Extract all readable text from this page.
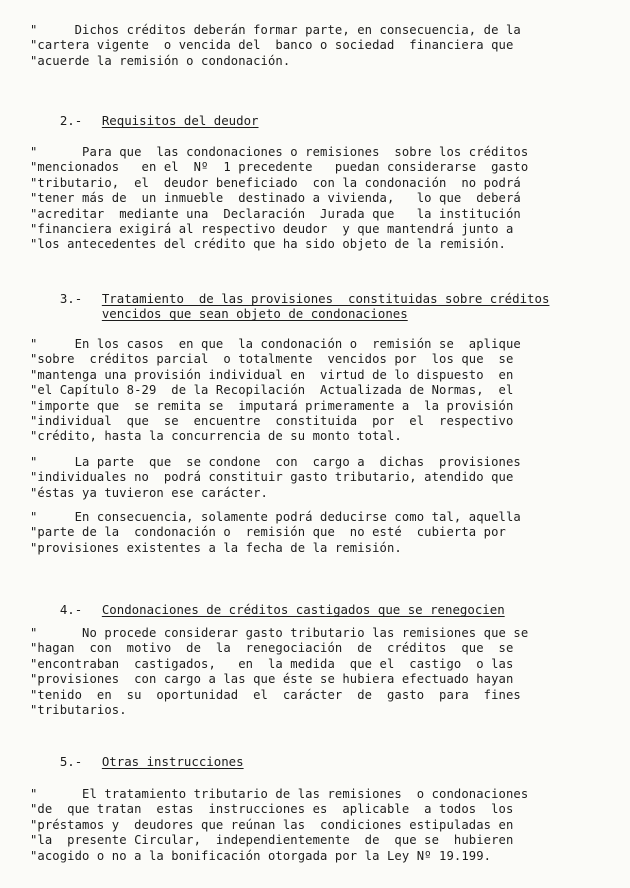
"     Dichos créditos deberán formar parte, en consecuencia, de la
"cartera vigente  o vencida del  banco o sociedad  financiera que
"acuerde la remisión o condonación.

2.- Requisitos del deudor

"      Para que  las condonaciones o remisiones  sobre los créditos
"mencionados   en el  Nº  1 precedente   puedan considerarse  gasto
"tributario,  el  deudor beneficiado  con la condonación  no podrá
"tener más de  un inmueble  destinado a vivienda,   lo que  deberá
"acreditar  mediante una  Declaración  Jurada que   la institución
"financiera exigirá al respectivo deudor  y que mantendrá junto a
"los antecedentes del crédito que ha sido objeto de la remisión.

3.- Tratamiento  de las provisiones  constituidas sobre créditos

vencidos que sean objeto de condonaciones

"     En los casos  en que  la condonación o  remisión se  aplique
"sobre  créditos parcial  o totalmente  vencidos por  los que  se
"mantenga una provisión individual en  virtud de lo dispuesto  en
"el Capítulo 8-29  de la Recopilación  Actualizada de Normas,  el
"importe que  se remita se  imputará primeramente a  la provisión
"individual  que  se  encuentre  constituida  por  el  respectivo
"crédito, hasta la concurrencia de su monto total.
"     La parte  que  se condone  con  cargo a  dichas  provisiones
"individuales no  podrá constituir gasto tributario, atendido que
"éstas ya tuvieron ese carácter.
"     En consecuencia, solamente podrá deducirse como tal, aquella
"parte de la  condonación o  remisión que  no esté  cubierta por
"provisiones existentes a la fecha de la remisión.

4.- Condonaciones de créditos castigados que se renegocien

"      No procede considerar gasto tributario las remisiones que se
"hagan  con  motivo  de  la  renegociación  de  créditos  que  se
"encontraban  castigados,   en  la medida  que el  castigo  o las
"provisiones  con cargo a las que éste se hubiera efectuado hayan
"tenido  en  su  oportunidad  el  carácter  de  gasto  para  fines
"tributarios.

5.- Otras instrucciones

"      El tratamiento tributario de las remisiones  o condonaciones
"de  que tratan  estas  instrucciones es  aplicable  a todos  los
"préstamos y  deudores que reúnan las  condiciones estipuladas en
"la  presente Circular,  independientemente  de  que se  hubieren
"acogido o no a la bonificación otorgada por la Ley Nº 19.199.
